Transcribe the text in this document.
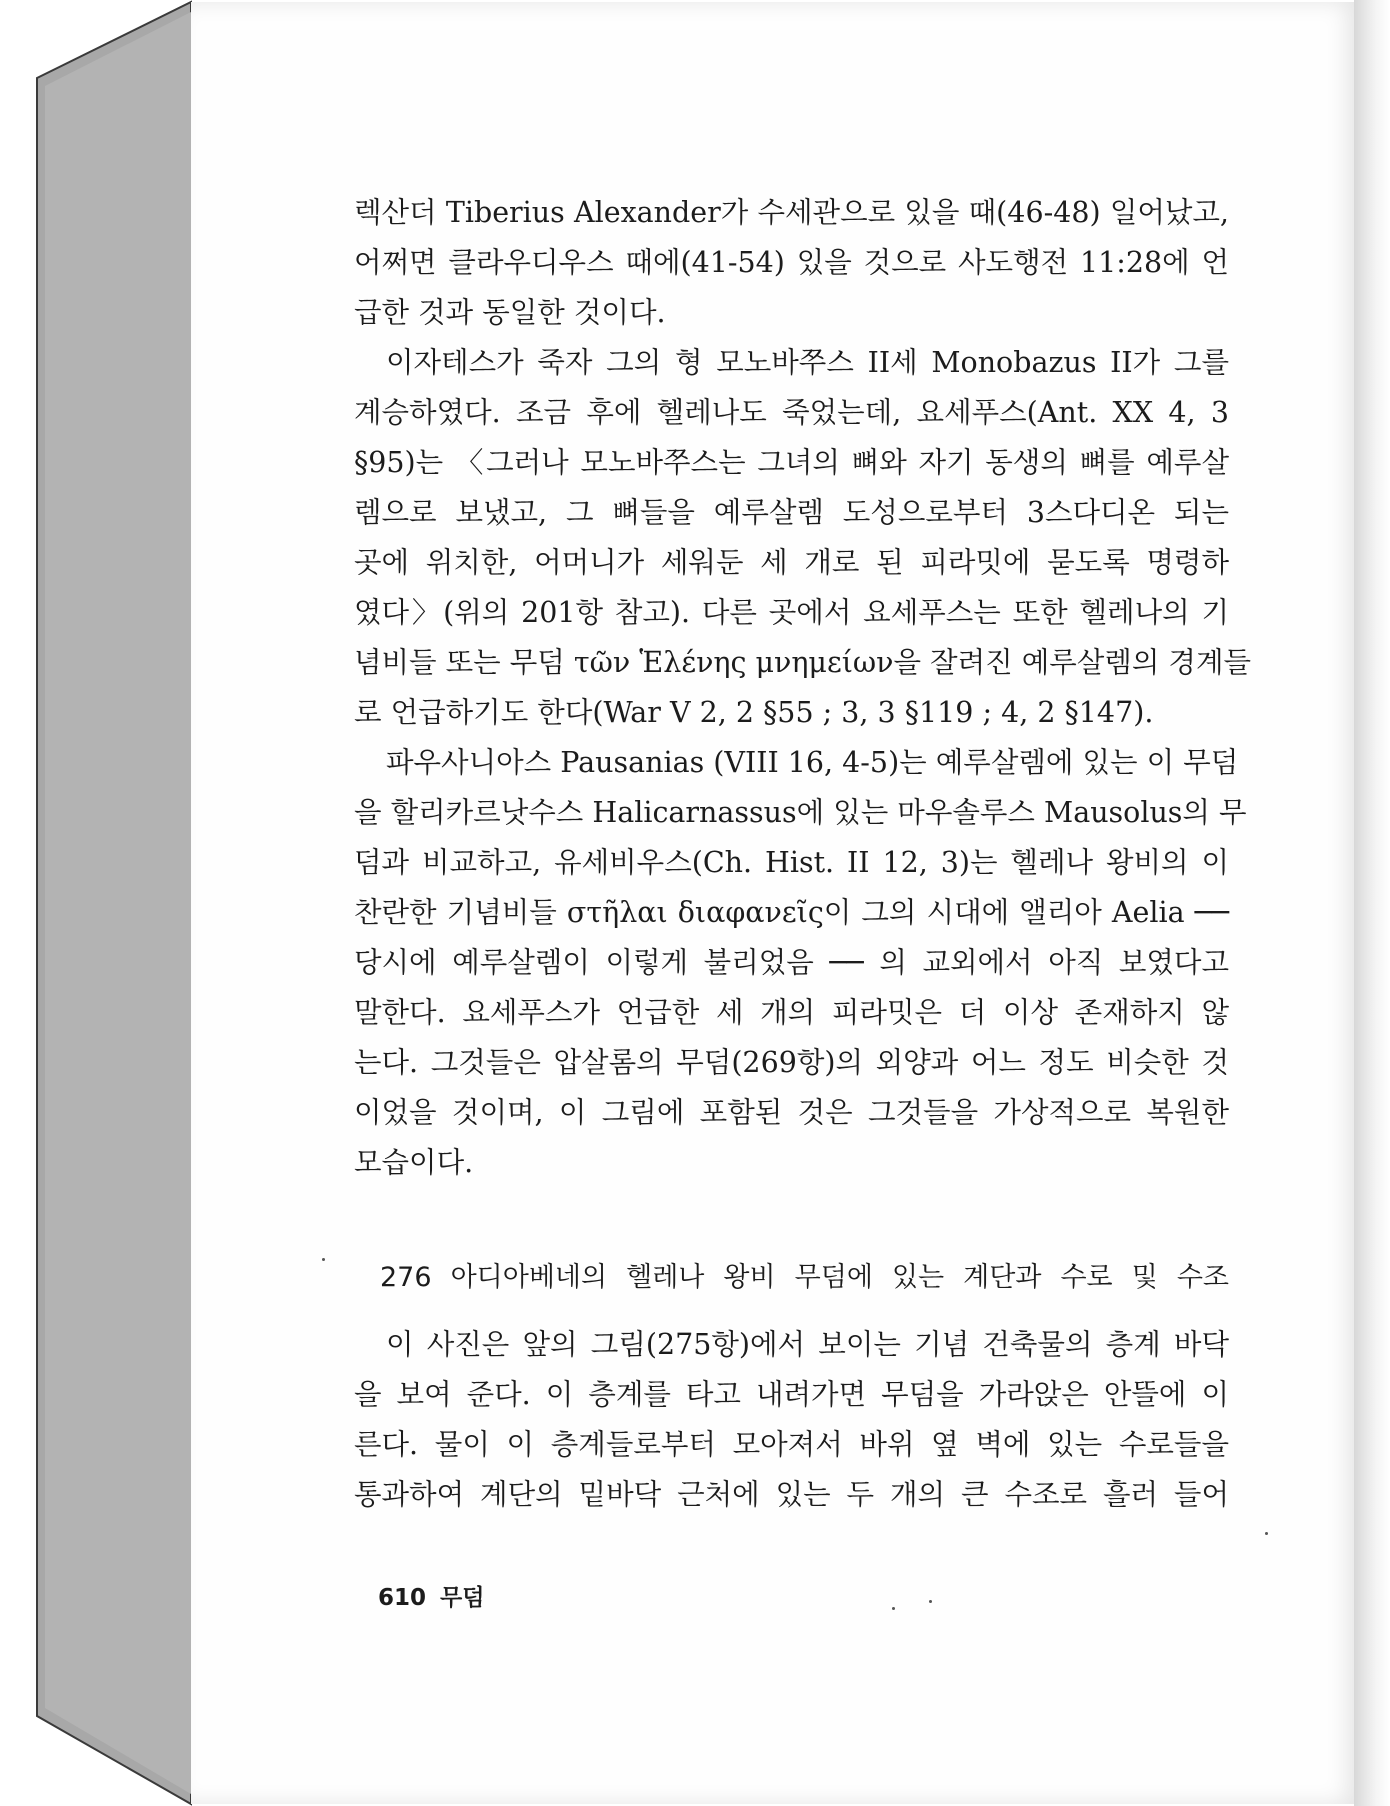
렉산더 Tiberius Alexander가 수세관으로 있을 때(46-48) 일어났고,
어쩌면 클라우디우스 때에(41-54) 있을 것으로 사도행전 11:28에 언
급한 것과 동일한 것이다.
이자테스가 죽자 그의 형 모노바쭈스 II세 Monobazus II가 그를
계승하였다. 조금 후에 헬레나도 죽었는데, 요세푸스(Ant. XX 4, 3
§95)는 〈그러나 모노바쭈스는 그녀의 뼈와 자기 동생의 뼈를 예루살
렘으로 보냈고, 그 뼈들을 예루살렘 도성으로부터 3스다디온 되는
곳에 위치한, 어머니가 세워둔 세 개로 된 피라밋에 묻도록 명령하
였다〉(위의 201항 참고). 다른 곳에서 요세푸스는 또한 헬레나의 기
념비들 또는 무덤 τῶν Ἑλένης μνημείων을 잘려진 예루살렘의 경계들
로 언급하기도 한다(War V 2, 2 §55 ; 3, 3 §119 ; 4, 2 §147).
파우사니아스 Pausanias (VIII 16, 4-5)는 예루살렘에 있는 이 무덤
을 할리카르낫수스 Halicarnassus에 있는 마우솔루스 Mausolus의 무
덤과 비교하고, 유세비우스(Ch. Hist. II 12, 3)는 헬레나 왕비의 이
찬란한 기념비들 στῆλαι διαφανεῖς이 그의 시대에 앨리아 Aelia ──
당시에 예루살렘이 이렇게 불리었음 ── 의 교외에서 아직 보였다고
말한다. 요세푸스가 언급한 세 개의 피라밋은 더 이상 존재하지 않
는다. 그것들은 압살롬의 무덤(269항)의 외양과 어느 정도 비슷한 것
이었을 것이며, 이 그림에 포함된 것은 그것들을 가상적으로 복원한
모습이다.
이 사진은 앞의 그림(275항)에서 보이는 기념 건축물의 층계 바닥
을 보여 준다. 이 층계를 타고 내려가면 무덤을 가라앉은 안뜰에 이
른다. 물이 이 층계들로부터 모아져서 바위 옆 벽에 있는 수로들을
통과하여 계단의 밑바닥 근처에 있는 두 개의 큰 수조로 흘러 들어
276 아디아베네의 헬레나 왕비 무덤에 있는 계단과 수로 및 수조
610 무덤
